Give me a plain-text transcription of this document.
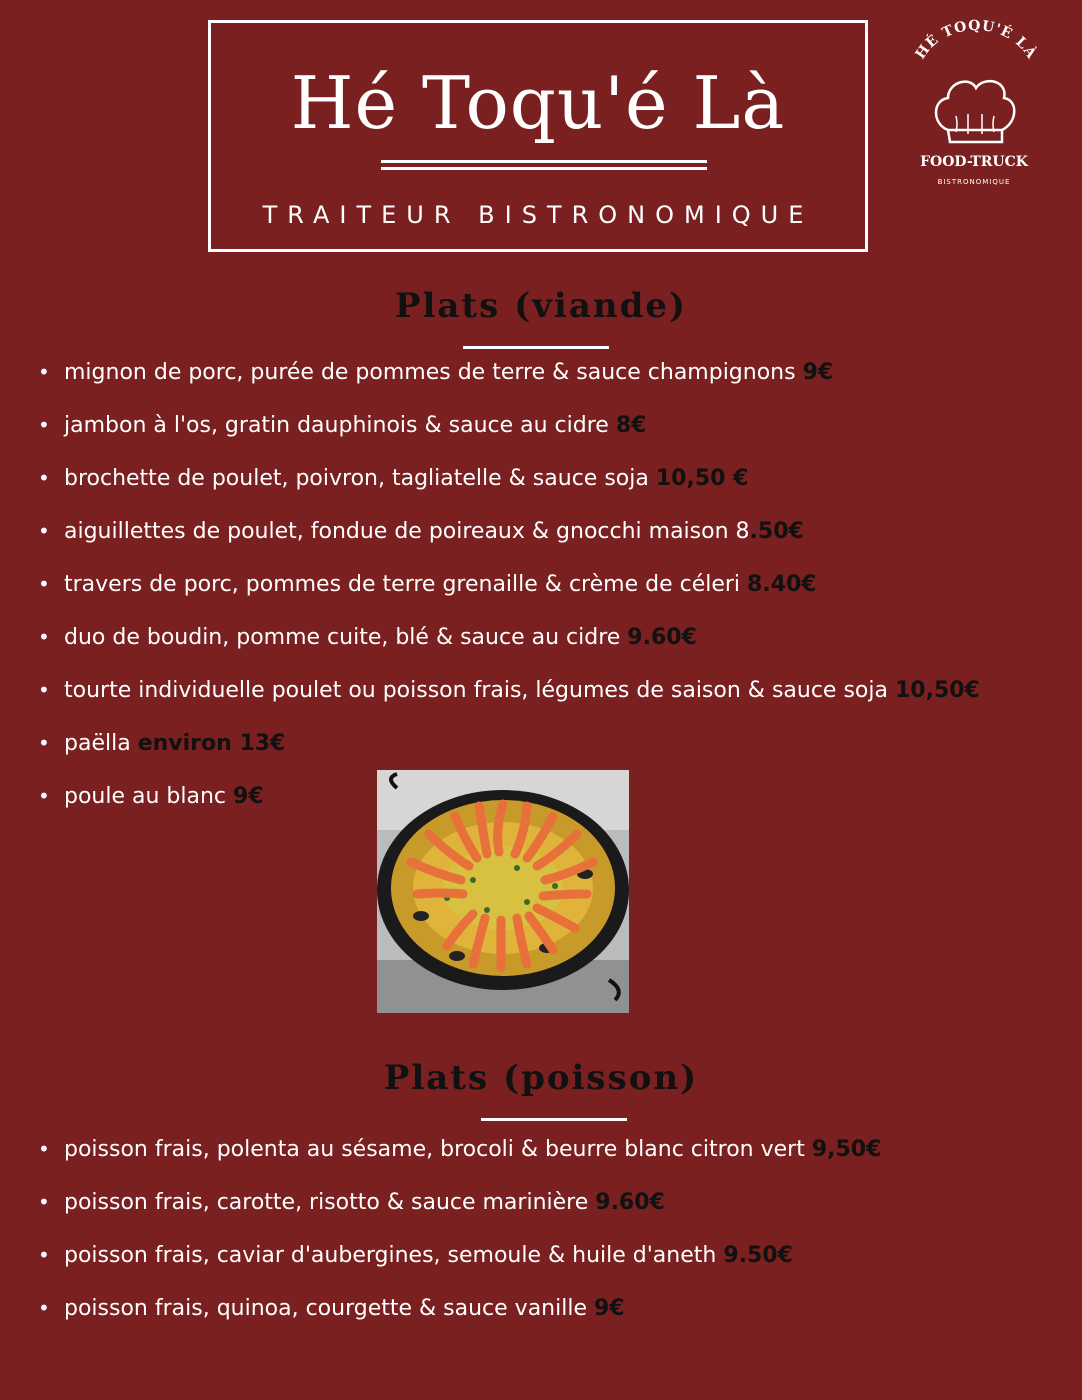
Hé Toqu'é Là
TRAITEUR BISTRONOMIQUE
HÉ TOQU'É LÀ
FOOD-TRUCK
BISTRONOMIQUE
Plats (viande)
• mignon de porc, purée de pommes de terre & sauce champignons 9€
• jambon à l'os, gratin dauphinois & sauce au cidre 8€
• brochette de poulet, poivron, tagliatelle & sauce soja 10,50 €
• aiguillettes de poulet, fondue de poireaux & gnocchi maison 8.50€
• travers de porc, pommes de terre grenaille & crème de céleri 8.40€
• duo de boudin, pomme cuite, blé & sauce au cidre 9.60€
• tourte individuelle poulet ou poisson frais, légumes de saison & sauce soja 10,50€
• paëlla environ 13€
• poule au blanc 9€
Plats (poisson)
• poisson frais, polenta au sésame, brocoli & beurre blanc citron vert 9,50€
• poisson frais, carotte, risotto & sauce marinière 9.60€
• poisson frais, caviar d'aubergines, semoule & huile d'aneth 9.50€
• poisson frais, quinoa, courgette & sauce vanille 9€
